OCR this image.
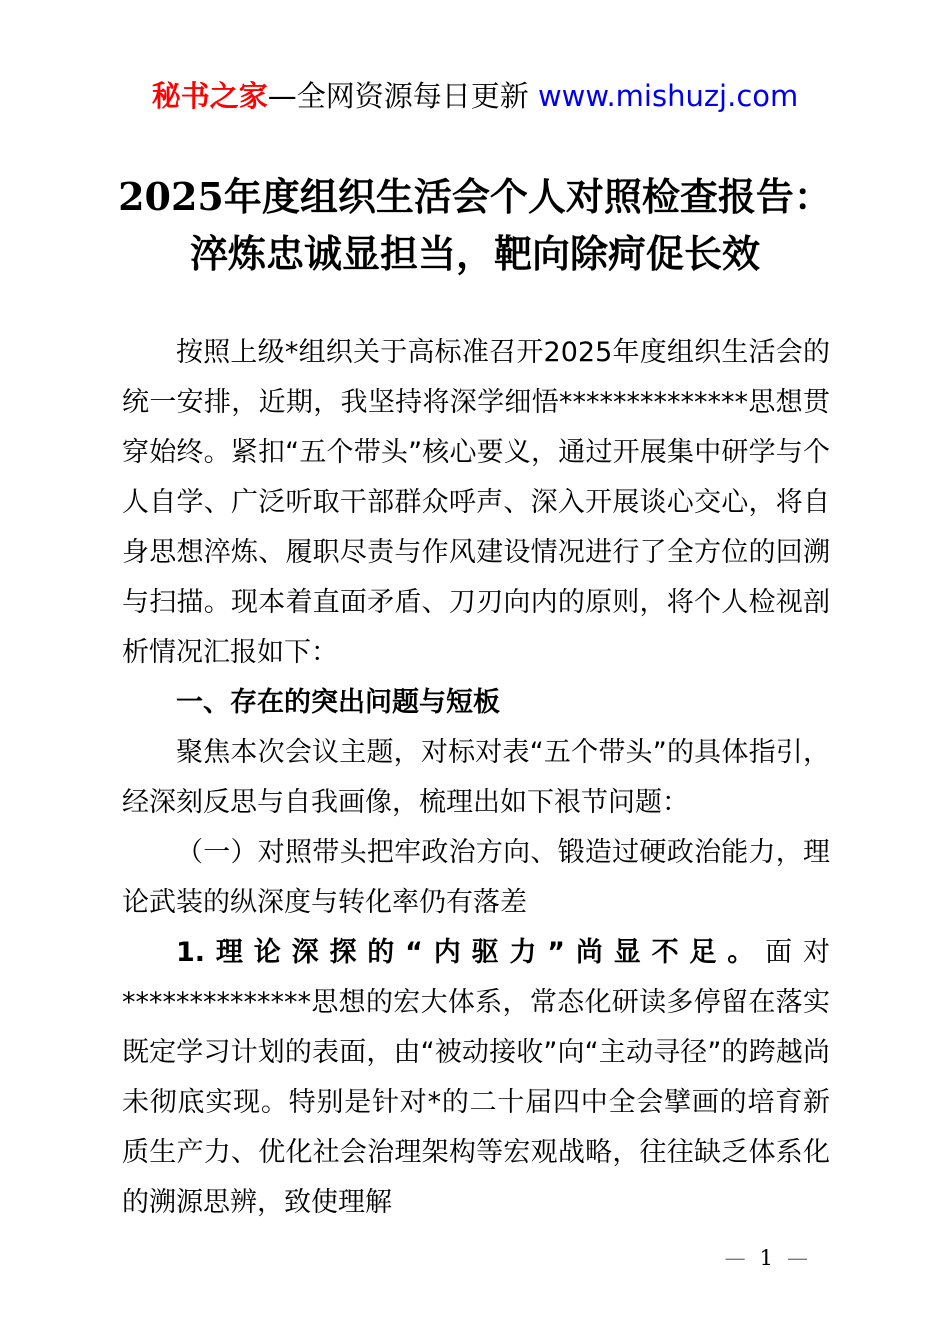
秘书之家—全网资源每日更新 www.mishuzj.com
2025年度组织生活会个人对照检查报告：淬炼忠诚显担当，靶向除疴促长效

按照上级*组织关于高标准召开2025年度组织生活会的统一安排，近期，我坚持将深学细悟**************思想贯穿始终。紧扣“五个带头”核心要义，通过开展集中研学与个人自学、广泛听取干部群众呼声、深入开展谈心交心，将自身思想淬炼、履职尽责与作风建设情况进行了全方位的回溯与扫描。现本着直面矛盾、刀刃向内的原则，将个人检视剖析情况汇报如下：

一、存在的突出问题与短板

聚焦本次会议主题，对标对表“五个带头”的具体指引，经深刻反思与自我画像，梳理出如下裉节问题：

（一）对照带头把牢政治方向、锻造过硬政治能力，理论武装的纵深度与转化率仍有落差

1.理论深探的“内驱力”尚显不足。面对**************思想的宏大体系，常态化研读多停留在落实既定学习计划的表面，由“被动接收”向“主动寻径”的跨越尚未彻底实现。特别是针对*的二十届四中全会擘画的培育新质生产力、优化社会治理架构等宏观战略，往往缺乏体系化的溯源思辨，致使理解

— 1 —
